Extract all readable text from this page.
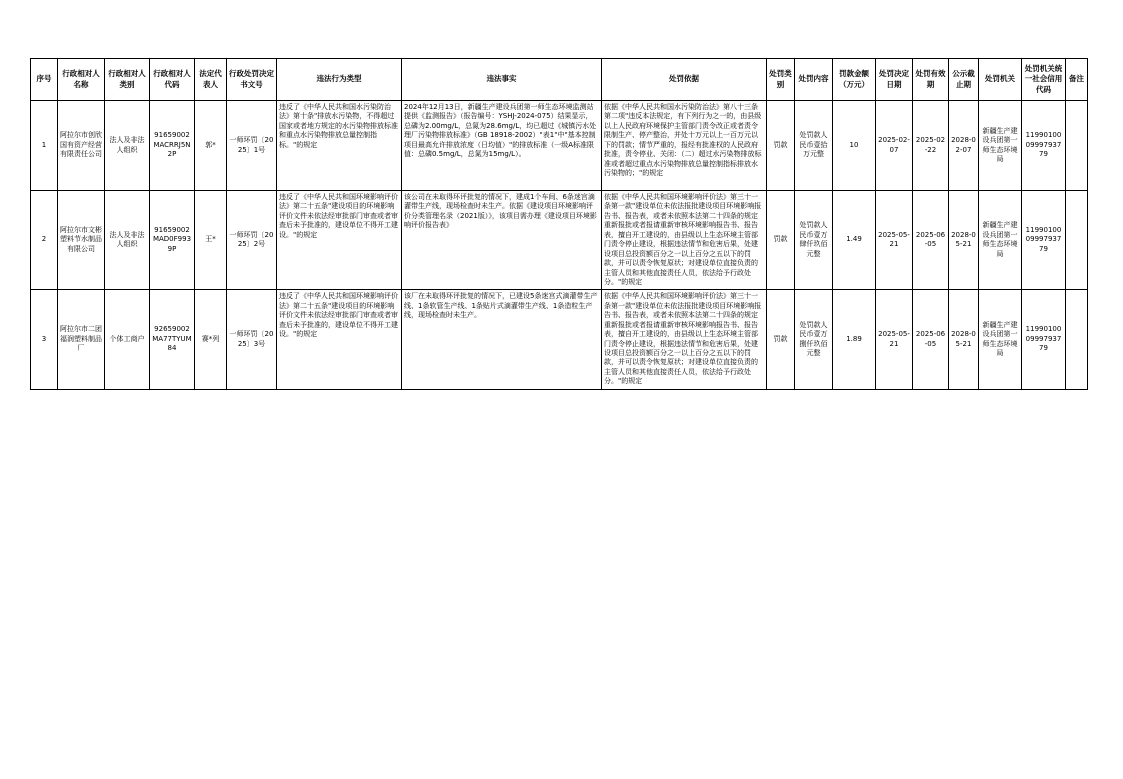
序号	行政相对人名称	行政相对人类别	行政相对人代码	法定代表人	行政处罚决定书文号	违法行为类型	违法事实	处罚依据	处罚类别	处罚内容	罚款金额（万元）	处罚决定日期	处罚有效期	公示截止期	处罚机关	处罚机关统一社会信用代码	备注
1	阿拉尔市创欣国有资产经营有限责任公司	法人及非法人组织	91659002MACRRJ5N2P	郭*	一师环罚〔2025〕1号	违反了《中华人民共和国水污染防治法》第十条"排放水污染物，不得超过国家或者地方规定的水污染物排放标准和重点水污染物排放总量控制指标。"的规定	2024年12月13日，新疆生产建设兵团第一师生态环境监测站提供《监测报告》（报告编号：YSHJ-2024-075）结果显示，总磷为2.00mg/L，总氮为28.6mg/L，均已超过《城镇污水处理厂污染物排放标准》（GB 18918-2002）"表1"中"基本控制项目最高允许排放浓度（日均值）"的排放标准（一级A标准限值：总磷0.5mg/L，总氮为15mg/L）。	依据《中华人民共和国水污染防治法》第八十三条第二项"违反本法规定，有下列行为之一的，由县级以上人民政府环境保护主管部门责令改正或者责令限制生产、停产整治，并处十万元以上一百万元以下的罚款；情节严重的，报经有批准权的人民政府批准，责令停业、关闭：（二）超过水污染物排放标准或者超过重点水污染物排放总量控制指标排放水污染物的；"的规定	罚款	处罚款人民币壹拾万元整	10	2025-02-07	2025-02-22	2028-02-07	新疆生产建设兵团第一师生态环境局	119901000999793779	
2	阿拉尔市文彬塑料节水制品有限公司	法人及非法人组织	91659002MAD0F9939P	王*	一师环罚〔2025〕2号	违反了《中华人民共和国环境影响评价法》第二十五条"建设项目的环境影响评价文件未依法经审批部门审查或者审查后未予批准的，建设单位不得开工建设。"的规定	该公司在未取得环评批复的情况下，建成1个车间、6条迷宫滴灌带生产线，现场检查时未生产。依据《建设项目环境影响评价分类管理名录（2021版）》，该项目需办理《建设项目环境影响评价报告表》	依据《中华人民共和国环境影响评价法》第三十一条第一款"建设单位未依法报批建设项目环境影响报告书、报告表，或者未依照本法第二十四条的规定重新报批或者报请重新审核环境影响报告书、报告表，擅自开工建设的，由县级以上生态环境主管部门责令停止建设，根据违法情节和危害后果，处建设项目总投资额百分之一以上百分之五以下的罚款，并可以责令恢复原状；对建设单位直接负责的主管人员和其他直接责任人员，依法给予行政处分。"的规定	罚款	处罚款人民币壹万肆仟玖佰元整	1.49	2025-05-21	2025-06-05	2028-05-21	新疆生产建设兵团第一师生态环境局	119901000999793779	
3	阿拉尔市二团福润塑料制品厂	个体工商户	92659002MA77TYUM84	赛*列	一师环罚〔2025〕3号	违反了《中华人民共和国环境影响评价法》第二十五条"建设项目的环境影响评价文件未依法经审批部门审查或者审查后未予批准的，建设单位不得开工建设。"的规定	该厂在未取得环评批复的情况下，已建设5条迷宫式滴灌带生产线、1条软管生产线、1条贴片式滴灌带生产线、1条造粒生产线，现场检查时未生产。	依据《中华人民共和国环境影响评价法》第三十一条第一款"建设单位未依法报批建设项目环境影响报告书、报告表，或者未依照本法第二十四条的规定重新报批或者报请重新审核环境影响报告书、报告表，擅自开工建设的，由县级以上生态环境主管部门责令停止建设，根据违法情节和危害后果，处建设项目总投资额百分之一以上百分之五以下的罚款，并可以责令恢复原状；对建设单位直接负责的主管人员和其他直接责任人员，依法给予行政处分。"的规定	罚款	处罚款人民币壹万捌仟玖佰元整	1.89	2025-05-21	2025-06-05	2028-05-21	新疆生产建设兵团第一师生态环境局	119901000999793779	
